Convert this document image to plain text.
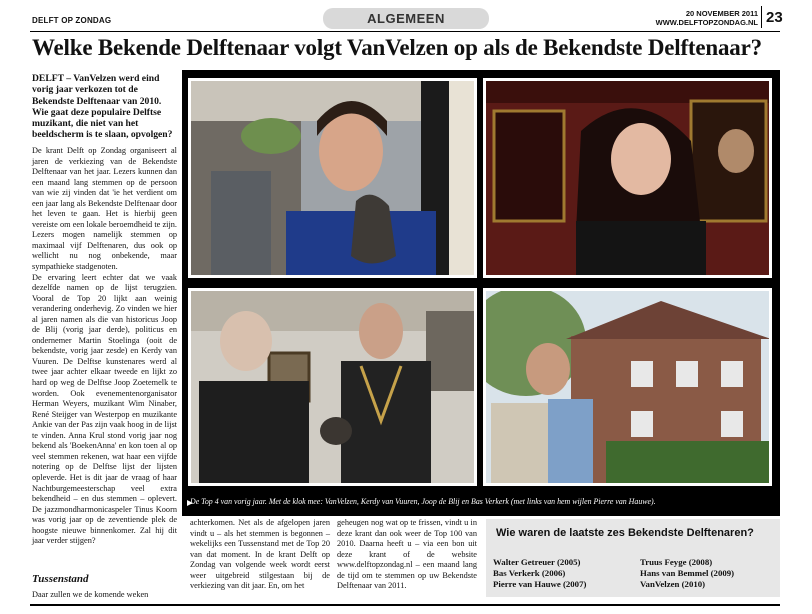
DELFT OP ZONDAG	ALGEMEEN	20 NOVEMBER 2011
WWW.DELFTOPZONDAG.NL 23
Welke Bekende Delftenaar volgt VanVelzen op als de Bekendste Delftenaar?
DELFT – VanVelzen werd eind vorig jaar verkozen tot de Bekendste Delftenaar van 2010. Wie gaat deze populaire Delftse muzikant, die niet van het beeldscherm is te slaan, opvolgen?

De krant Delft op Zondag organiseert al jaren de verkiezing van de Bekendste Delftenaar van het jaar. Lezers kunnen dan een maand lang stemmen op de persoon van wie zij vinden dat 'ie het verdient om een jaar lang als Bekendste Delftenaar door het leven te gaan. Het is hierbij geen vereiste om een lokale beroemdheid te zijn. Lezers mogen namelijk stemmen op maximaal vijf Delftenaren, dus ook op wellicht nu nog onbekende, maar sympathieke stadgenoten.

De ervaring leert echter dat we vaak dezelfde namen op de lijst terugzien. Vooral de Top 20 lijkt aan weinig verandering onderhevig. Zo vinden we hier al jaren namen als die van historicus Joop de Blij (vorig jaar derde), politicus en ondernemer Martin Stoelinga (ooit de bekendste, vorig jaar zesde) en Kerdy van Vuuren. De Delftse kunstenares werd al twee jaar achter elkaar tweede en lijkt zo hard op weg de Delftse Joop Zoetemelk te worden. Ook evenementenorganisator Herman Weyers, muzikant Wim Ninaber, René Steijger van Westerpop en muzikante Ankie van der Pas zijn vaak hoog in de lijst te vinden. Anna Krul stond vorig jaar nog bekend als 'BoekenAnna' en kon toen al op veel stemmen rekenen, wat haar een vijfde notering op de Delftse lijst der lijsten opleverde. Het is dit jaar de vraag of haar Nachtburgemeesterschap veel extra bekendheid – en dus stemmen – oplevert. De jazzmondharmonicaspeler Tinus Koorn was vorig jaar op de zeventiende plek de hoogste nieuwe binnenkomer. Zal hij dit jaar verder stijgen?

Tussenstand
Daar zullen we de komende weken
De Top 4 van vorig jaar. Met de klok mee: VanVelzen, Kerdy van Vuuren, Joop de Blij en Bas Verkerk (met links van hem wijlen Pierre van Hauwe).
achterkomen. Net als de afgelopen jaren vindt u – als het stemmen is begonnen – wekelijks een Tussenstand met de Top 20 van dat moment. In de krant Delft op Zondag van volgende week wordt eerst weer uitgebreid stilgestaan bij de verkiezing van dit jaar. En, om het
geheugen nog wat op te frissen, vindt u in deze krant dan ook weer de Top 100 van 2010. Daarna heeft u – via een bon uit deze krant of de website www.delftopzondag.nl – een maand lang de tijd om te stemmen op uw Bekendste Delftenaar van 2011.
Wie waren de laatste zes Bekendste Delftenaren?
Walter Getreuer (2005)
Bas Verkerk (2006)
Pierre van Hauwe (2007)
Truus Feyge (2008)
Hans van Bemmel (2009)
VanVelzen (2010)
